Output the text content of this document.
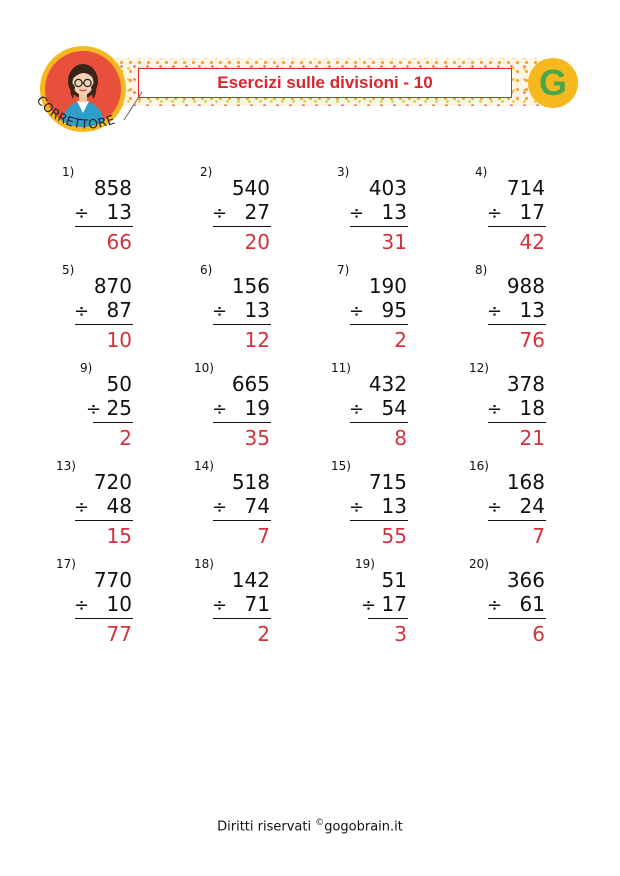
Esercizi sulle divisioni - 10
CORRETTORE
G
1)
858
÷ 13
66
2)
540
÷ 27
20
3)
403
÷ 13
31
4)
714
÷ 17
42
5)
870
÷ 87
10
6)
156
÷ 13
12
7)
190
÷ 95
2
8)
988
÷ 13
76
9)
50
÷ 25
2
10)
665
÷ 19
35
11)
432
÷ 54
8
12)
378
÷ 18
21
13)
720
÷ 48
15
14)
518
÷ 74
7
15)
715
÷ 13
55
16)
168
÷ 24
7
17)
770
÷ 10
77
18)
142
÷ 71
2
19)
51
÷ 17
3
20)
366
÷ 61
6
Diritti riservati ©gogobrain.it
